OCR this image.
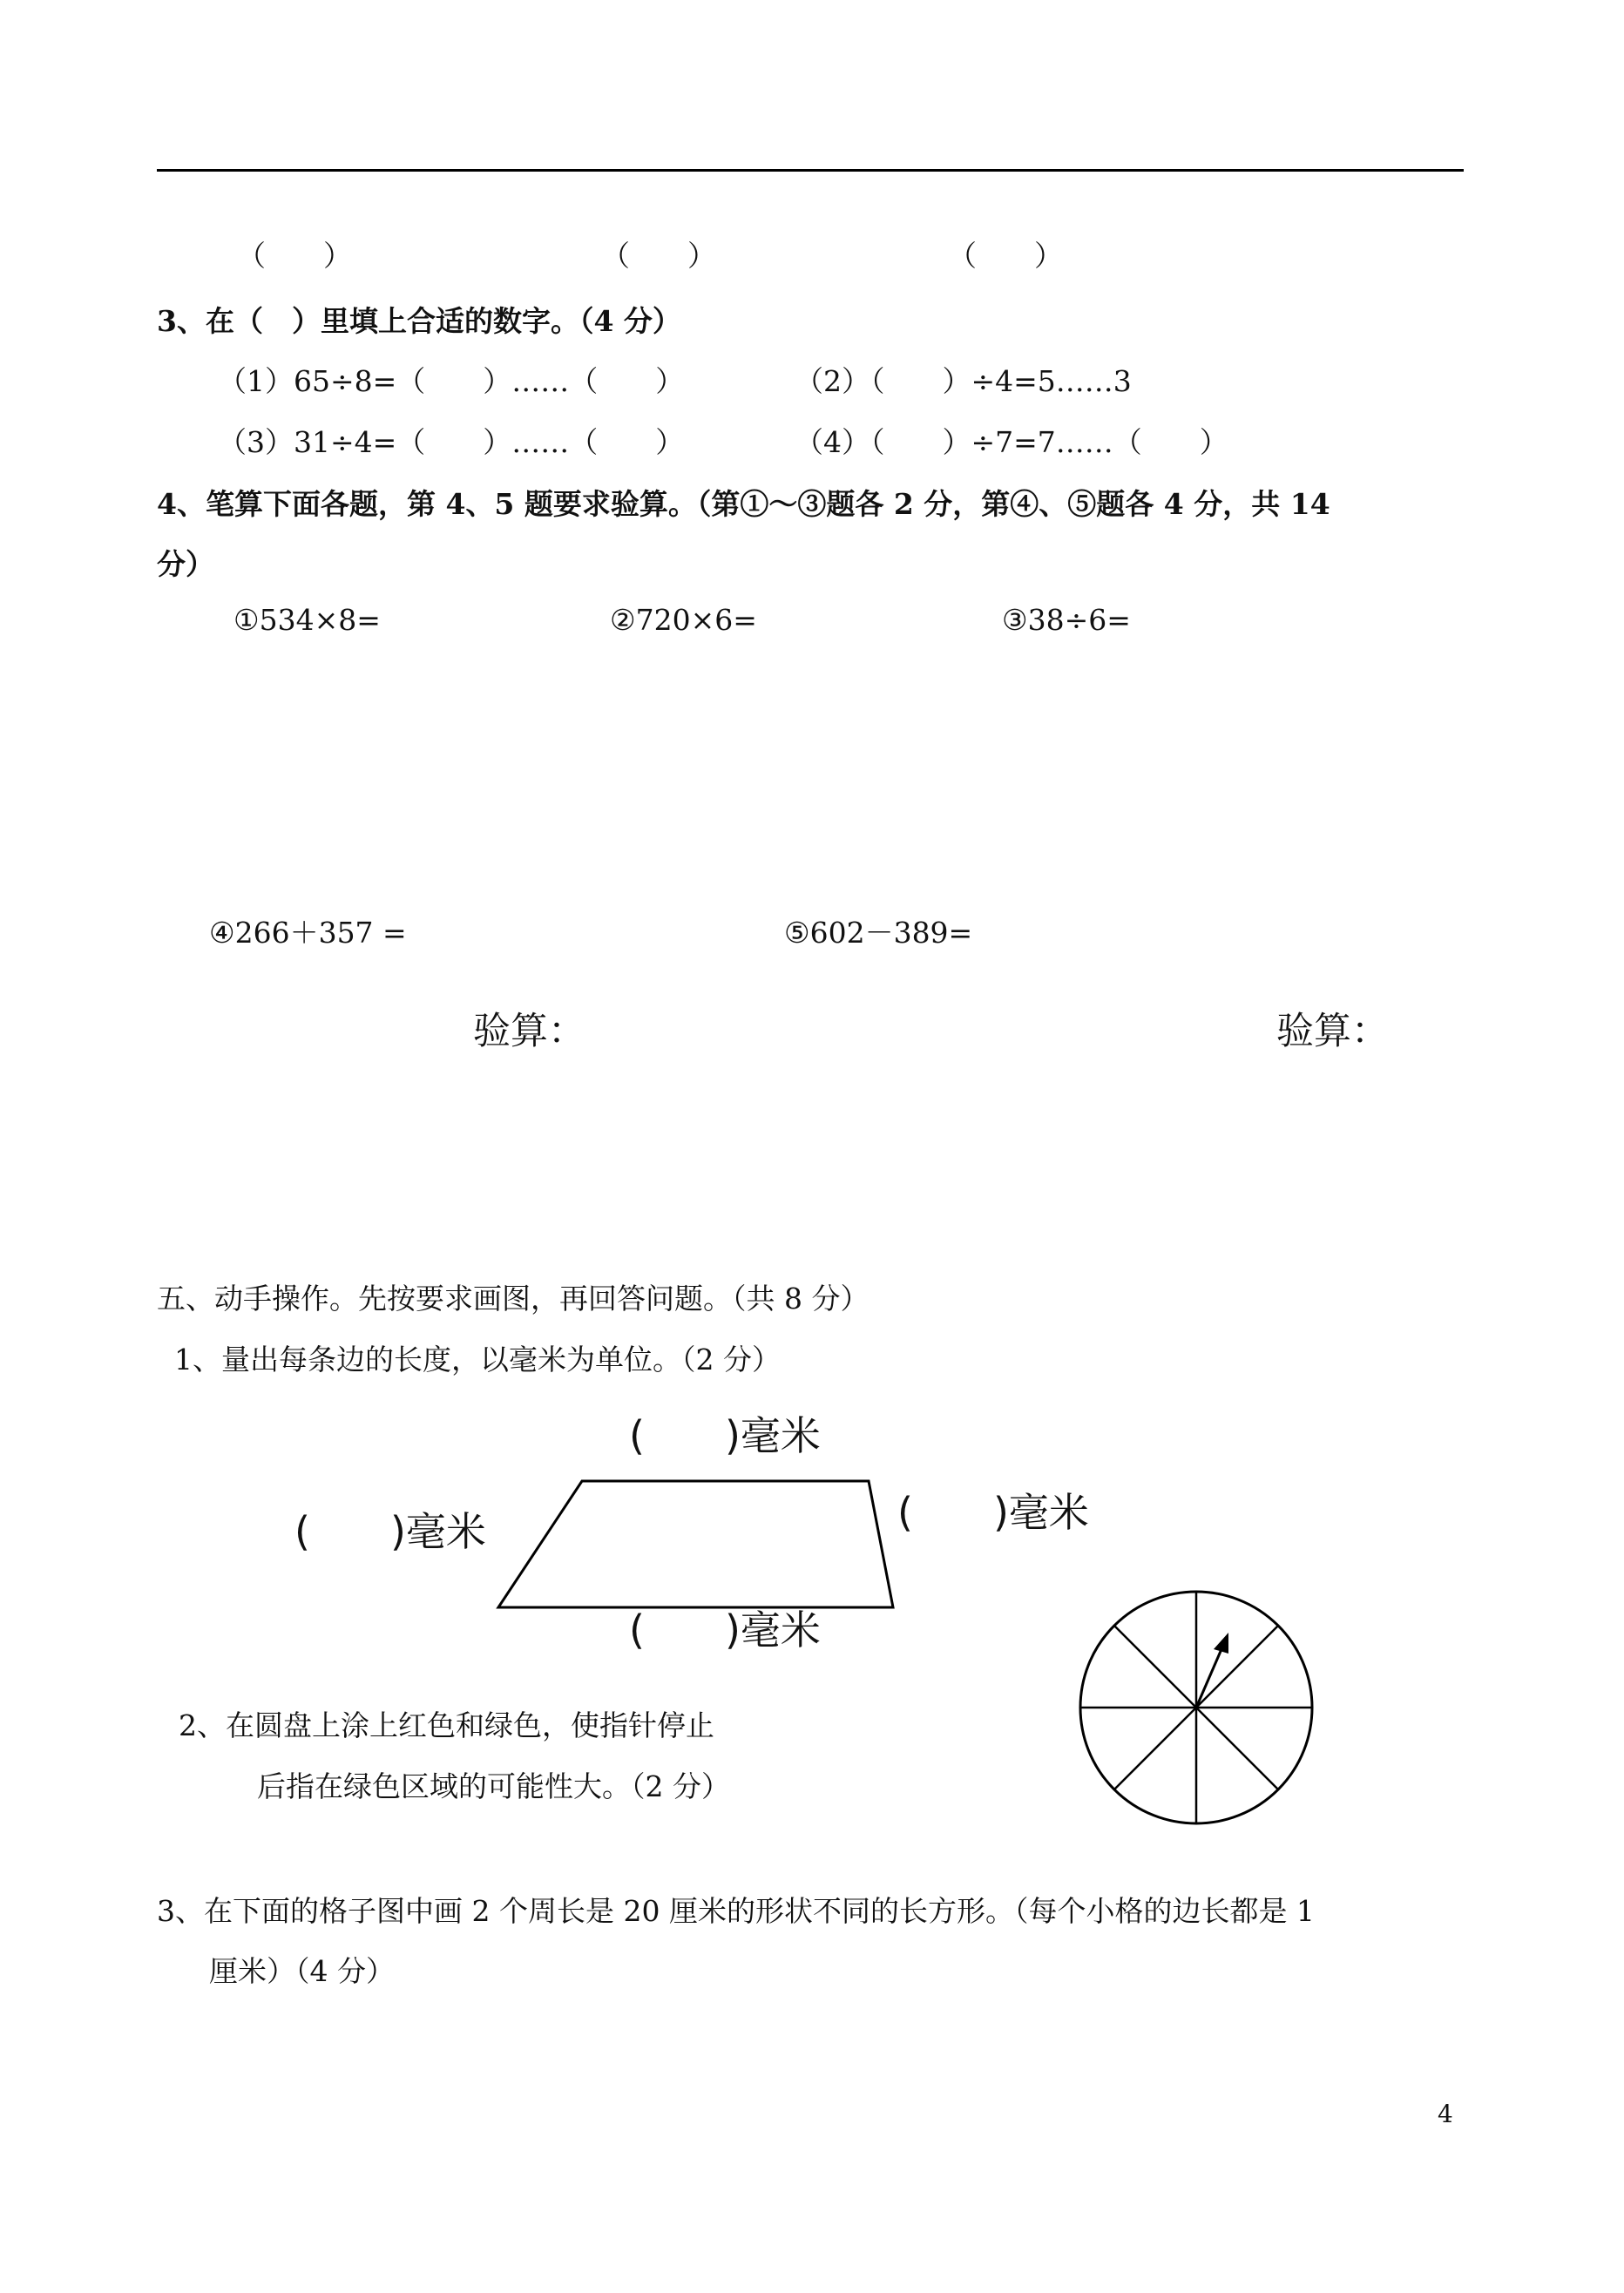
（　　）	（　　）	（　　）
3、在（　）里填上合适的数字。（4 分）
（1）65÷8=（　　）……（　　）	（2）（　　）÷4=5……3
（3）31÷4=（　　）……（　　）	（4）（　　）÷7=7……（　　）
4、笔算下面各题，第 4、5 题要求验算。（第①～③题各 2 分，第④、⑤题各 4 分，共 14
分）
①534×8=	②720×6=	③38÷6=
④266＋357 =	⑤602－389=
验算：	验算：
五、动手操作。先按要求画图，再回答问题。（共 8 分）
1、量出每条边的长度，以毫米为单位。（2 分）
(　　)毫米
(　　)毫米	(　　)毫米
(　　)毫米
2、在圆盘上涂上红色和绿色，使指针停止
后指在绿色区域的可能性大。（2 分）
3、在下面的格子图中画 2 个周长是 20 厘米的形状不同的长方形。（每个小格的边长都是 1
厘米）（4 分）
4
